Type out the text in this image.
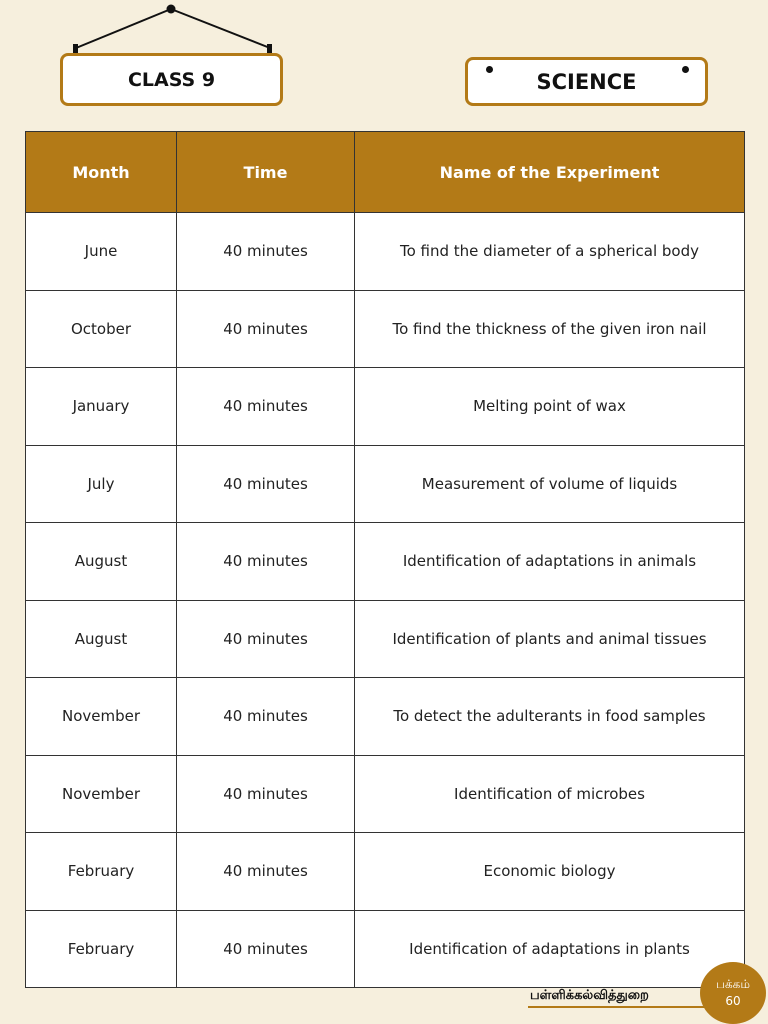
CLASS 9	SCIENCE
Month	Time	Name of the Experiment
June	40 minutes	To find the diameter of a spherical body
October	40 minutes	To find the thickness of the given iron nail
January	40 minutes	Melting point of wax
July	40 minutes	Measurement of volume of liquids
August	40 minutes	Identification of adaptations in animals
August	40 minutes	Identification of plants and animal tissues
November	40 minutes	To detect the adulterants in food samples
November	40 minutes	Identification of microbes
February	40 minutes	Economic biology
February	40 minutes	Identification of adaptations in plants
பள்ளிக்கல்வித்துறை
பக்கம்
60
